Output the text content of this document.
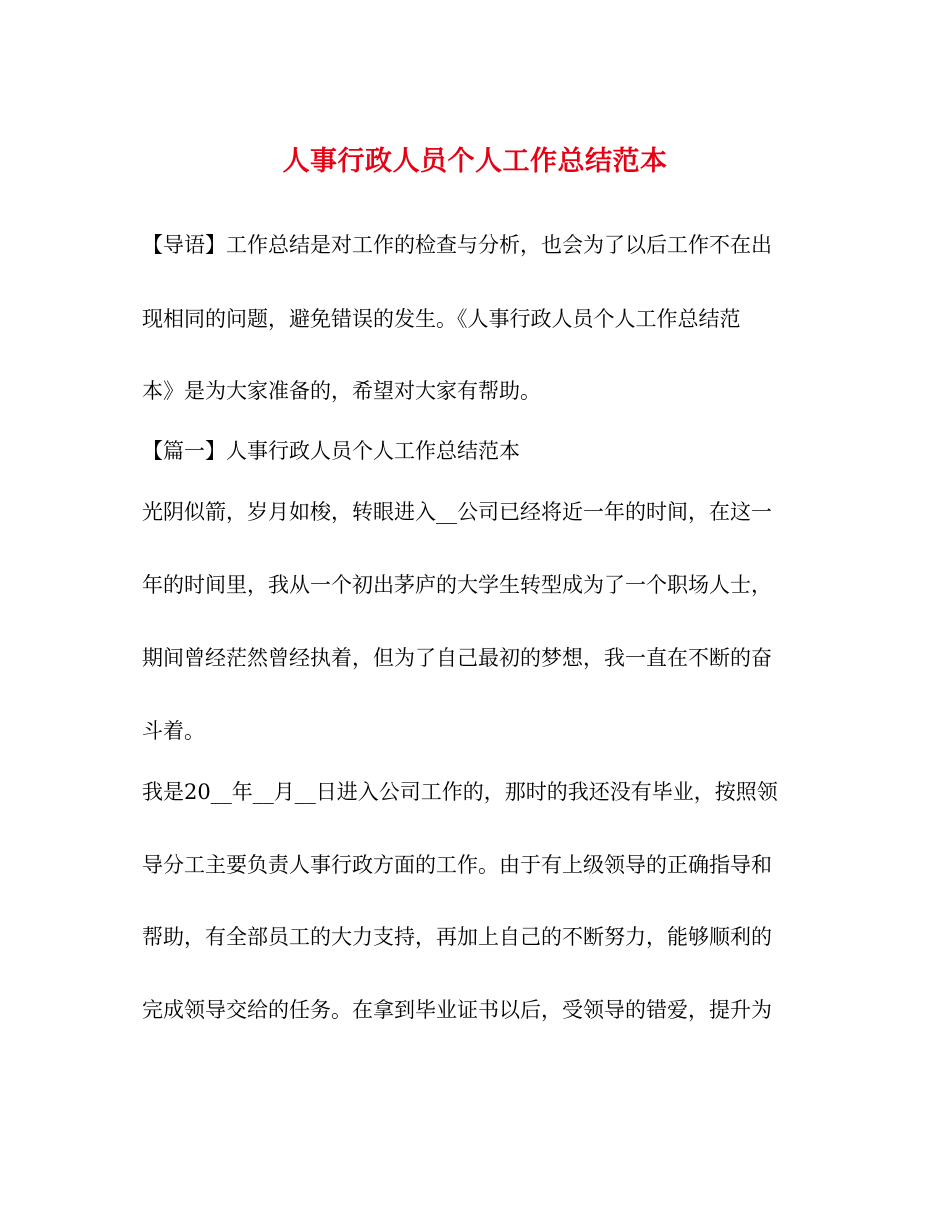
人事行政人员个人工作总结范本
【导语】工作总结是对工作的检查与分析，也会为了以后工作不在出
现相同的问题，避免错误的发生。《人事行政人员个人工作总结范
本》是为大家准备的，希望对大家有帮助。
【篇一】人事行政人员个人工作总结范本
光阴似箭，岁月如梭，转眼进入__公司已经将近一年的时间，在这一
年的时间里，我从一个初出茅庐的大学生转型成为了一个职场人士，
期间曾经茫然曾经执着，但为了自己最初的梦想，我一直在不断的奋
斗着。
我是20__年__月__日进入公司工作的，那时的我还没有毕业，按照领
导分工主要负责人事行政方面的工作。由于有上级领导的正确指导和
帮助，有全部员工的大力支持，再加上自己的不断努力，能够顺利的
完成领导交给的任务。在拿到毕业证书以后，受领导的错爱，提升为
